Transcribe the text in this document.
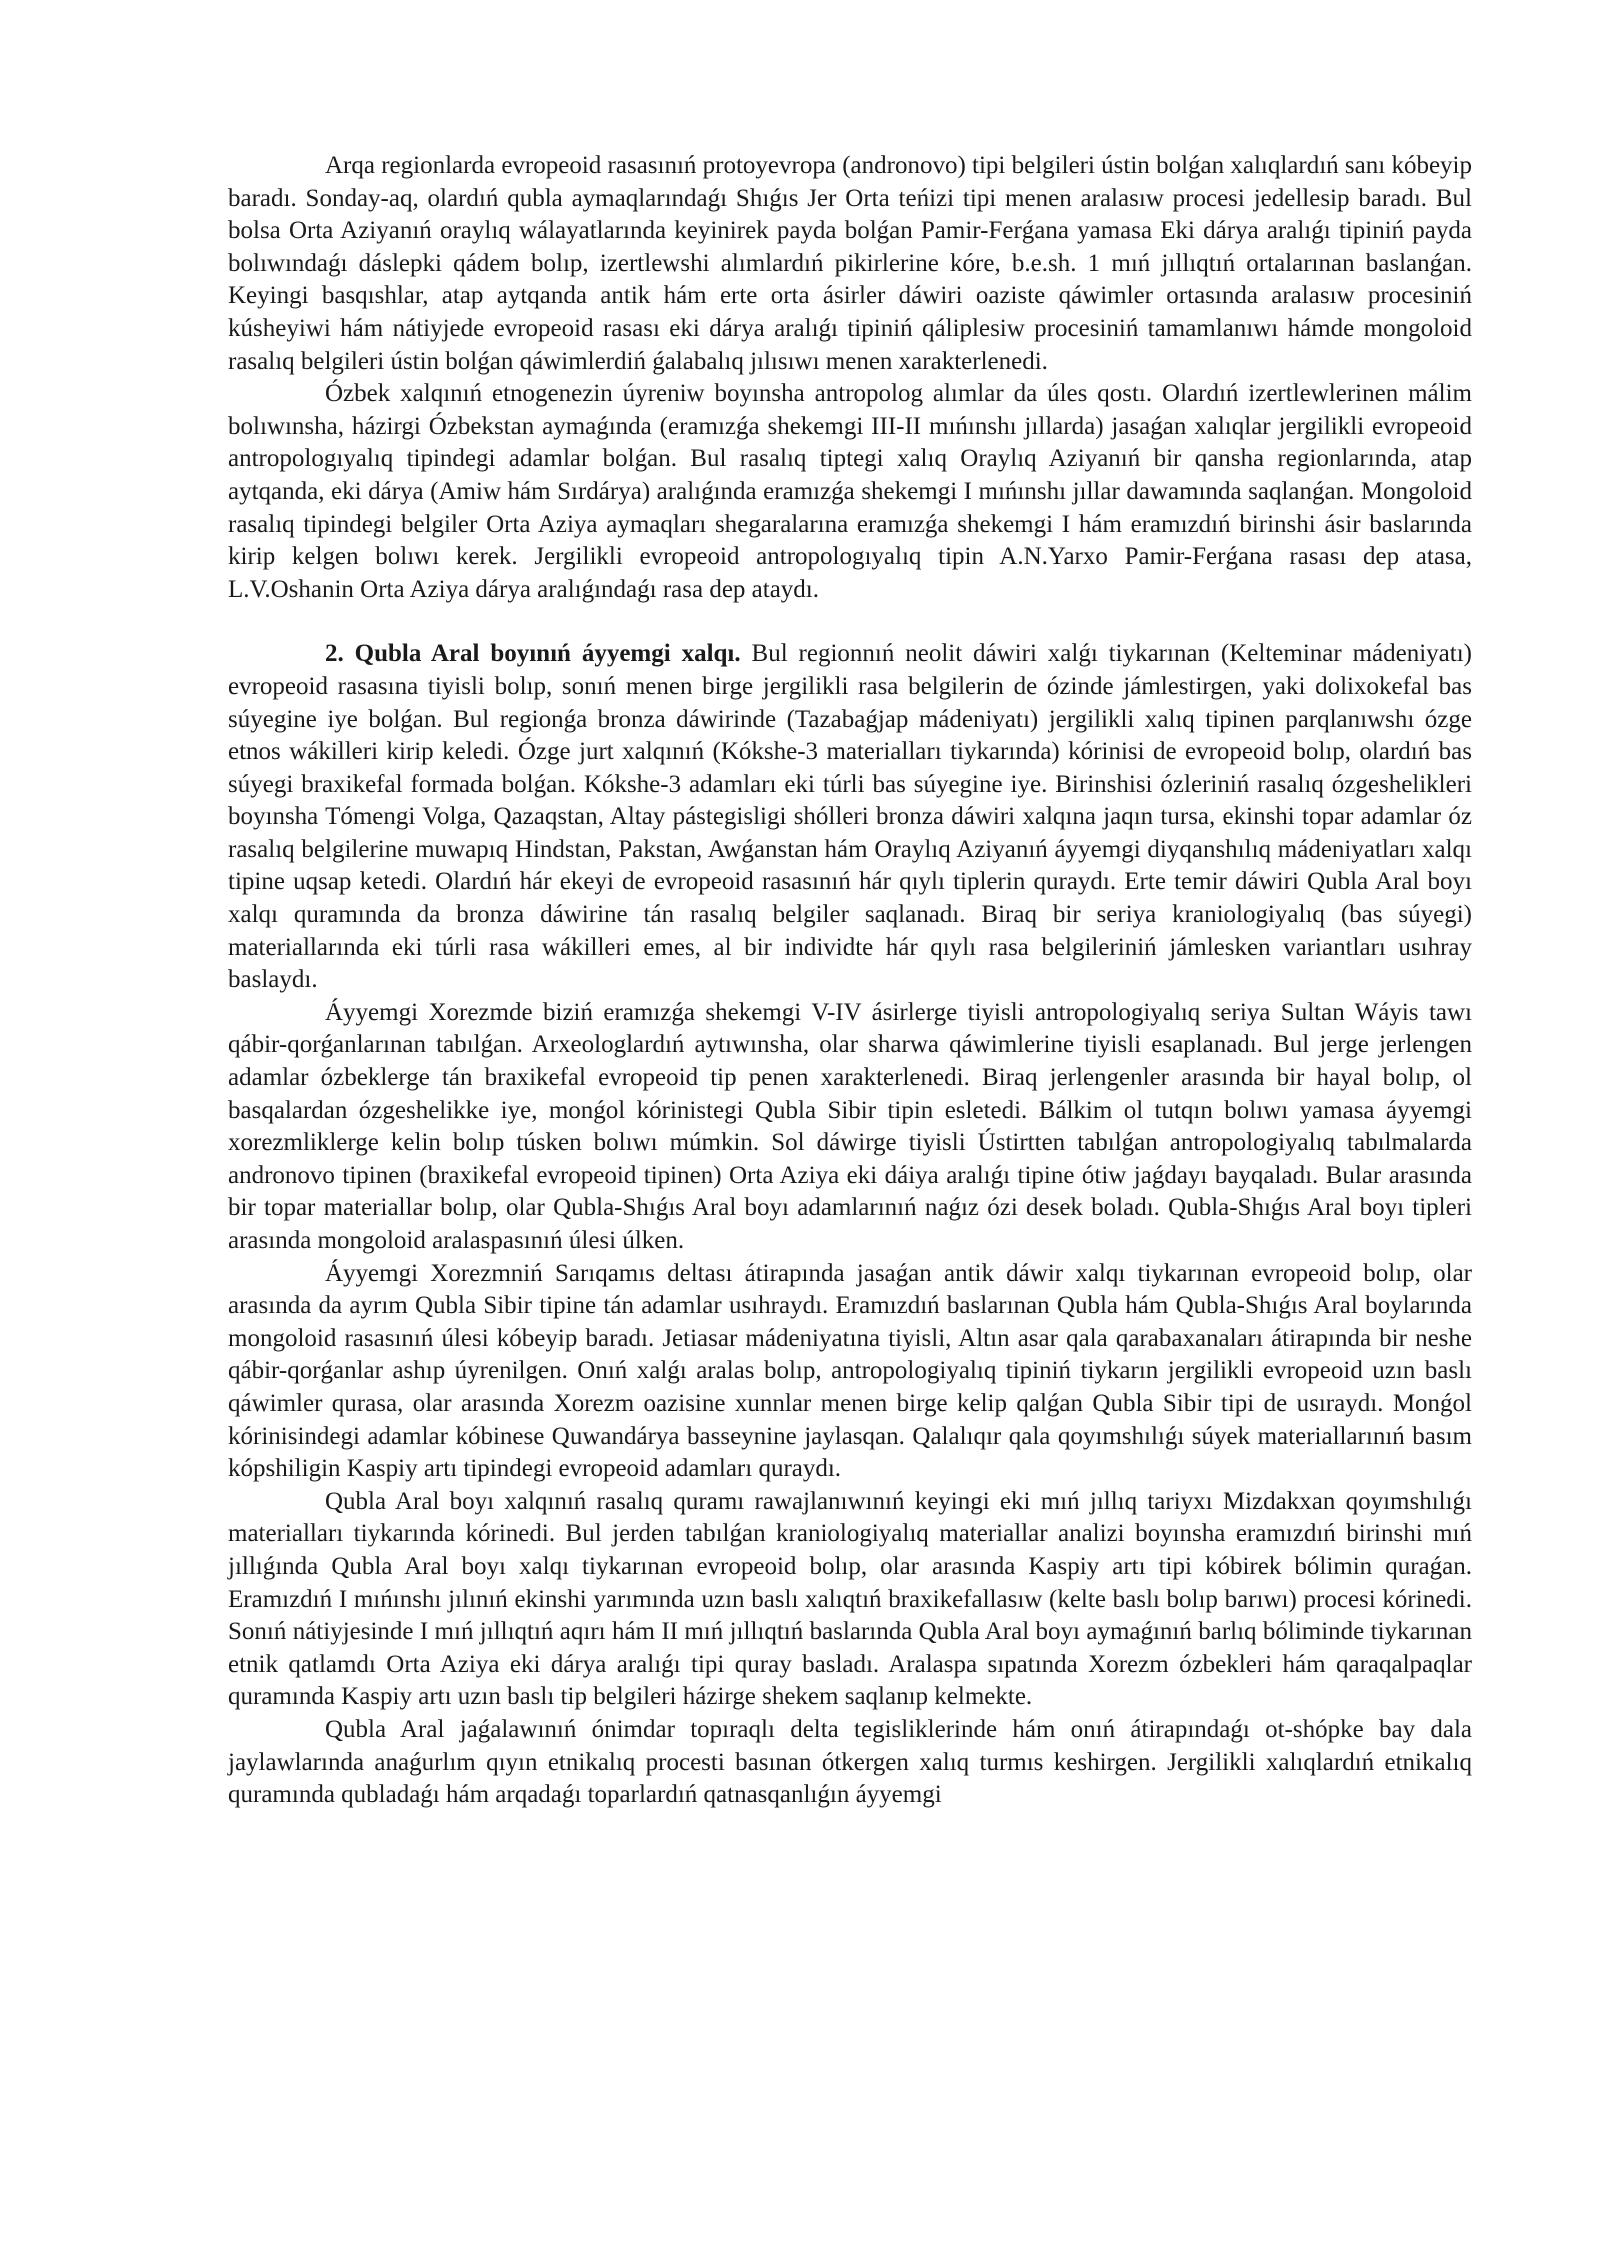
Arqa regionlarda evropeoid rasasınıń protoyevropa (andronovo) tipi belgileri ústin bolǵan xalıqlardıń sanı kóbeyip baradı. Sonday-aq, olardıń qubla aymaqlarındaǵı Shıǵıs Jer Orta teńizi tipi menen aralasıw procesi jedellesip baradı. Bul bolsa Orta Aziyanıń oraylıq wálayatlarında keyinirek payda bolǵan Pamir-Ferǵana yamasa Eki dárya aralıǵı tipiniń payda bolıwındaǵı dáslepki qádem bolıp, izertlewshi alımlardıń pikirlerine kóre, b.e.sh. 1 mıń jıllıqtıń ortalarınan baslanǵan. Keyingi basqıshlar, atap aytqanda antik hám erte orta ásirler dáwiri oaziste qáwimler ortasında aralasıw procesiniń kúsheyiwi hám nátiyjede evropeoid rasası eki dárya aralıǵı tipiniń qáliplesiw procesiniń tamamlanıwı hámde mongoloid rasalıq belgileri ústin bolǵan qáwimlerdiń ǵalabalıq jılısıwı menen xarakterlenedi.

Ózbek xalqınıń etnogenezin úyreniw boyınsha antropolog alımlar da úles qostı. Olardıń izertlewlerinen málim bolıwınsha, házirgi Ózbekstan aymaǵında (eramızǵa shekemgi III-II mıńınshı jıllarda) jasaǵan xalıqlar jergilikli evropeoid antropologıyalıq tipindegi adamlar bolǵan. Bul rasalıq tiptegi xalıq Oraylıq Aziyanıń bir qansha regionlarında, atap aytqanda, eki dárya (Amiw hám Sırdárya) aralıǵında eramızǵa shekemgi I mıńınshı jıllar dawamında saqlanǵan. Mongoloid rasalıq tipindegi belgiler Orta Aziya aymaqları shegaralarına eramızǵa shekemgi I hám eramızdıń birinshi ásir baslarında kirip kelgen bolıwı kerek. Jergilikli evropeoid antropologıyalıq tipin A.N.Yarxo Pamir-Ferǵana rasası dep atasa, L.V.Oshanin Orta Aziya dárya aralıǵındaǵı rasa dep ataydı.

2. Qubla Aral boyınıń áyyemgi xalqı. Bul regionnıń neolit dáwiri xalǵı tiykarınan (Kelteminar mádeniyatı) evropeoid rasasına tiyisli bolıp, sonıń menen birge jergilikli rasa belgilerin de ózinde jámlestirgen, yaki dolixokefal bas súyegine iye bolǵan. Bul regionǵa bronza dáwirinde (Tazabaǵjap mádeniyatı) jergilikli xalıq tipinen parqlanıwshı ózge etnos wákilleri kirip keledi. Ózge jurt xalqınıń (Kókshe-3 materialları tiykarında) kórinisi de evropeoid bolıp, olardıń bas súyegi braxikefal formada bolǵan. Kókshe-3 adamları eki túrli bas súyegine iye. Birinshisi ózleriniń rasalıq ózgeshelikleri boyınsha Tómengi Volga, Qazaqstan, Altay pástegisligi shólleri bronza dáwiri xalqına jaqın tursa, ekinshi topar adamlar óz rasalıq belgilerine muwapıq Hindstan, Pakstan, Awǵanstan hám Oraylıq Aziyanıń áyyemgi diyqanshılıq mádeniyatları xalqı tipine uqsap ketedi. Olardıń hár ekeyi de evropeoid rasasınıń hár qıylı tiplerin quraydı. Erte temir dáwiri Qubla Aral boyı xalqı quramında da bronza dáwirine tán rasalıq belgiler saqlanadı. Biraq bir seriya kraniologiyalıq (bas súyegi) materiallarında eki túrli rasa wákilleri emes, al bir individte hár qıylı rasa belgileriniń jámlesken variantları usıhray baslaydı.

Áyyemgi Xorezmde biziń eramızǵa shekemgi V-IV ásirlerge tiyisli antropologiyalıq seriya Sultan Wáyis tawı qábir-qorǵanlarınan tabılǵan. Arxeologlardıń aytıwınsha, olar sharwa qáwimlerine tiyisli esaplanadı. Bul jerge jerlengen adamlar ózbeklerge tán braxikefal evropeoid tip penen xarakterlenedi. Biraq jerlengenler arasında bir hayal bolıp, ol basqalardan ózgeshelikke iye, monǵol kórinistegi Qubla Sibir tipin esletedi. Bálkim ol tutqın bolıwı yamasa áyyemgi xorezmliklerge kelin bolıp túsken bolıwı múmkin. Sol dáwirge tiyisli Ústirtten tabılǵan antropologiyalıq tabılmalarda andronovo tipinen (braxikefal evropeoid tipinen) Orta Aziya eki dáiya aralıǵı tipine ótiw jaǵdayı bayqaladı. Bular arasında bir topar materiallar bolıp, olar Qubla-Shıǵıs Aral boyı adamlarınıń naǵız ózi desek boladı. Qubla-Shıǵıs Aral boyı tipleri arasında mongoloid aralaspasınıń úlesi úlken.

Áyyemgi Xorezmniń Sarıqamıs deltası átirapında jasaǵan antik dáwir xalqı tiykarınan evropeoid bolıp, olar arasında da ayrım Qubla Sibir tipine tán adamlar usıhraydı. Eramızdıń baslarınan Qubla hám Qubla-Shıǵıs Aral boylarında mongoloid rasasınıń úlesi kóbeyip baradı. Jetiasar mádeniyatına tiyisli, Altın asar qala qarabaxanaları átirapında bir neshe qábir-qorǵanlar ashıp úyrenilgen. Onıń xalǵı aralas bolıp, antropologiyalıq tipiniń tiykarın jergilikli evropeoid uzın baslı qáwimler qurasa, olar arasında Xorezm oazisine xunnlar menen birge kelip qalǵan Qubla Sibir tipi de usıraydı. Monǵol kórinisindegi adamlar kóbinese Quwandárya basseynine jaylasqan. Qalalıqır qala qoyımshılıǵı súyek materiallarınıń basım kópshiligin Kaspiy artı tipindegi evropeoid adamları quraydı.

Qubla Aral boyı xalqınıń rasalıq quramı rawajlanıwınıń keyingi eki mıń jıllıq tariyxı Mizdakxan qoyımshılıǵı materialları tiykarında kórinedi. Bul jerden tabılǵan kraniologiyalıq materiallar analizi boyınsha eramızdıń birinshi mıń jıllıǵında Qubla Aral boyı xalqı tiykarınan evropeoid bolıp, olar arasında Kaspiy artı tipi kóbirek bólimin quraǵan. Eramızdıń I mıńınshı jılınıń ekinshi yarımında uzın baslı xalıqtıń braxikefallasıw (kelte baslı bolıp barıwı) procesi kórinedi. Sonıń nátiyjesinde I mıń jıllıqtıń aqırı hám II mıń jıllıqtıń baslarında Qubla Aral boyı aymaǵınıń barlıq bóliminde tiykarınan etnik qatlamdı Orta Aziya eki dárya aralıǵı tipi quray basladı. Aralaspa sıpatında Xorezm ózbekleri hám qaraqalpaqlar quramında Kaspiy artı uzın baslı tip belgileri házirge shekem saqlanıp kelmekte.

Qubla Aral jaǵalawınıń ónimdar topıraqlı delta tegisliklerinde hám onıń átirapındaǵı ot-shópke bay dala jaylawlarında anaǵurlım qıyın etnikalıq procesti basınan ótkergen xalıq turmıs keshirgen. Jergilikli xalıqlardıń etnikalıq quramında qubladaǵı hám arqadaǵı toparlardıń qatnasqanlıǵın áyyemgi
